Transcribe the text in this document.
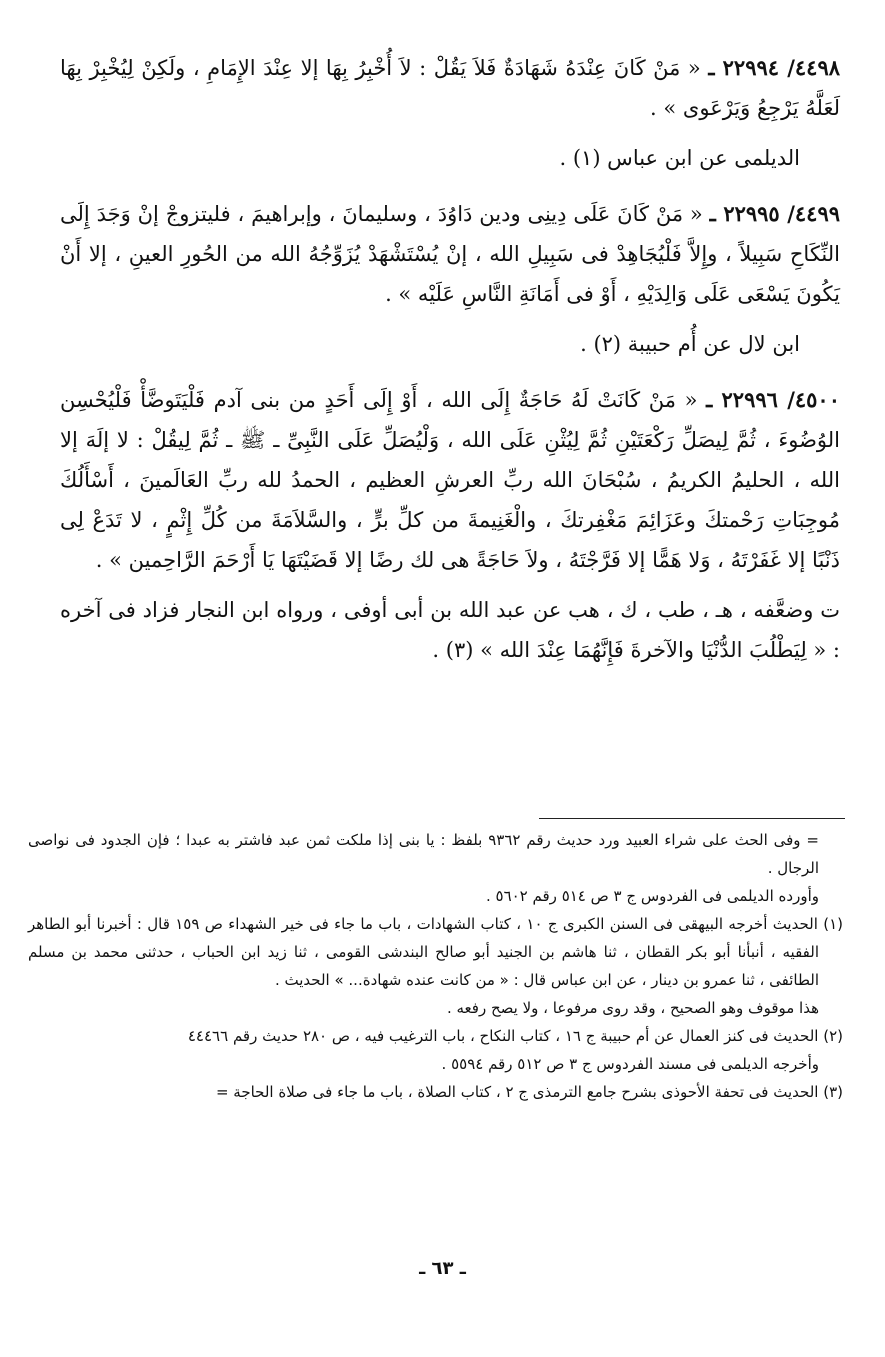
٤٤٩٨/ ٢٢٩٩٤ ـ « مَنْ كَانَ عِنْدَهُ شَهَادَةٌ فَلاَ يَقُلْ : لاَ أُخْبِرُ بِهَا إلا عِنْدَ الإِمَامِ ، ولَكِنْ لِيُخْبِرْ بِهَا لَعَلَّهُ يَرْجِعُ وَيَرْعَوى » .

الديلمى عن ابن عباس (١) .

٤٤٩٩/ ٢٢٩٩٥ ـ « مَنْ كَانَ عَلَى دِينِى ودين دَاوُدَ ، وسليمانَ ، وإبراهيمَ ، فليتزوجْ إنْ وَجَدَ إِلَى النِّكَاحِ سَبِيلاً ، وإِلاَّ فَلْيُجَاهِدْ فى سَبِيلِ الله ، إنْ يُسْتَشْهَدْ يُزَوِّجُهُ الله من الحُورِ العينِ ، إلا أَنْ يَكُونَ يَسْعَى عَلَى وَالِدَيْهِ ، أَوْ فى أَمَانَةِ النَّاسِ عَلَيْه » .

ابن لال عن أُم حبيبة (٢) .

٤٥٠٠/ ٢٢٩٩٦ ـ « مَنْ كَانَتْ لَهُ حَاجَةٌ إِلَى الله ، أَوْ إِلَى أَحَدٍ من بنى آدم فَلْيَتَوضَّأْ فَلْيُحْسِن الوُضُوءَ ، ثُمَّ لِيصَلِّ رَكْعَتَيْنِ ثُمَّ لِيُثْنِ عَلَى الله ، وَلْيُصَلِّ عَلَى النَّبِىِّ ـ ﷺ ـ ثُمَّ لِيقُلْ : لا إلَهَ إلا الله ، الحليمُ الكريمُ ، سُبْحَانَ الله ربِّ العرشِ العظيم ، الحمدُ لله ربِّ العَالَمينَ ، أَسْأَلُكَ مُوجِبَاتِ رَحْمتكَ وعَزَائِمَ مَغْفِرتكَ ، والْغَنِيمةَ من كلِّ برٍّ ، والسَّلاَمَةَ من كُلِّ إِثْمٍ ، لا تَدَعْ لِى ذَنْبًا إلا غَفَرْتَهُ ، وَلا هَمًّا إلا فَرَّجْتَهُ ، ولاَ حَاجَةً هى لك رضًا إلا قَضَيْتَهَا يَا أَرْحَمَ الرَّاحِمين » .

ت وضعَّفه ، هـ ، طب ، ك ، هب عن عبد الله بن أبى أوفى ، ورواه ابن النجار فزاد فى آخره : « لِيَطْلُبَ الدُّنْيَا والآخرةَ فَإِنَّهُمَا عِنْدَ الله » (٣) .

= وفى الحث على شراء العبيد ورد حديث رقم ٩٣٦٢ بلفظ : يا بنى إذا ملكت ثمن عبد فاشتر به عبدا ؛ فإن الجدود فى نواصى الرجال .

وأورده الديلمى فى الفردوس ج ٣ ص ٥١٤ رقم ٥٦٠٢ .

(١) الحديث أخرجه البيهقى فى السنن الكبرى ج ١٠ ، كتاب الشهادات ، باب ما جاء فى خير الشهداء ص ١٥٩ قال : أخبرنا أبو الطاهر الفقيه ، أنبأنا أبو بكر القطان ، ثنا هاشم بن الجنيد أبو صالح البندشى القومى ، ثنا زيد ابن الحباب ، حدثنى محمد بن مسلم الطائفى ، ثنا عمرو بن دينار ، عن ابن عباس قال : « من كانت عنده شهادة... » الحديث .

هذا موقوف وهو الصحيح ، وقد روى مرفوعا ، ولا يصح رفعه .

(٢) الحديث فى كنز العمال عن أم حبيبة ج ١٦ ، كتاب النكاح ، باب الترغيب فيه ، ص ٢٨٠ حديث رقم ٤٤٤٦٦

وأخرجه الديلمى فى مسند الفردوس ج ٣ ص ٥١٢ رقم ٥٥٩٤ .

(٣) الحديث فى تحفة الأحوذى بشرح جامع الترمذى ج ٢ ، كتاب الصلاة ، باب ما جاء فى صلاة الحاجة =

ـ ٦٣ ـ
